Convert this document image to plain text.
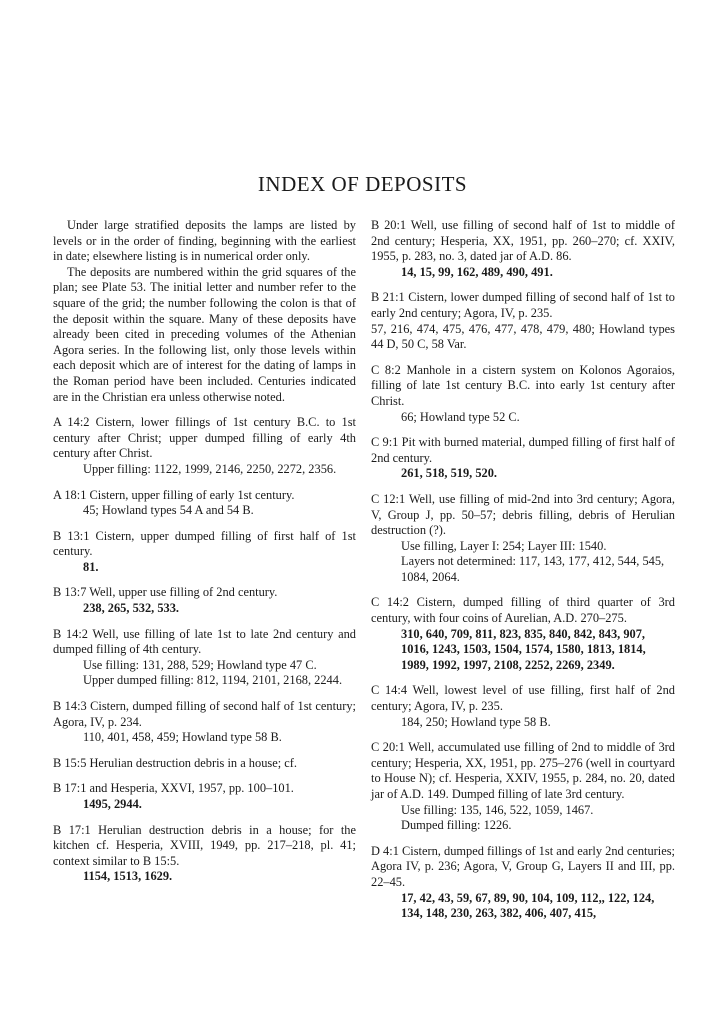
INDEX OF DEPOSITS

Under large stratified deposits the lamps are listed by levels or in the order of finding, beginning with the earliest in date; elsewhere listing is in numerical order only.

The deposits are numbered within the grid squares of the plan; see Plate 53. The initial letter and number refer to the square of the grid; the number following the colon is that of the deposit within the square. Many of these deposits have already been cited in preceding volumes of the Athenian Agora series. In the following list, only those levels within each deposit which are of interest for the dating of lamps in the Roman period have been included. Centuries indicated are in the Christian era unless otherwise noted.

A 14:2 Cistern, lower fillings of 1st century B.C. to 1st century after Christ; upper dumped filling of early 4th century after Christ.

Upper filling: 1122, 1999, 2146, 2250, 2272, 2356.

A 18:1 Cistern, upper filling of early 1st century.

45; Howland types 54 A and 54 B.

B 13:1 Cistern, upper dumped filling of first half of 1st century.

81.

B 13:7 Well, upper use filling of 2nd century.

238, 265, 532, 533.

B 14:2 Well, use filling of late 1st to late 2nd century and dumped filling of 4th century.

Use filling: 131, 288, 529; Howland type 47 C.

Upper dumped filling: 812, 1194, 2101, 2168, 2244.

B 14:3 Cistern, dumped filling of second half of 1st century; Agora, IV, p. 234.

110, 401, 458, 459; Howland type 58 B.

B 15:5 Herulian destruction debris in a house; cf.

B 17:1 and Hesperia, XXVI, 1957, pp. 100–101.

1495, 2944.

B 17:1 Herulian destruction debris in a house; for the kitchen cf. Hesperia, XVIII, 1949, pp. 217–218, pl. 41; context similar to B 15:5.

1154, 1513, 1629.

B 20:1 Well, use filling of second half of 1st to middle of 2nd century; Hesperia, XX, 1951, pp. 260–270; cf. XXIV, 1955, p. 283, no. 3, dated jar of A.D. 86.

14, 15, 99, 162, 489, 490, 491.

B 21:1 Cistern, lower dumped filling of second half of 1st to early 2nd century; Agora, IV, p. 235.

57, 216, 474, 475, 476, 477, 478, 479, 480; Howland types 44 D, 50 C, 58 Var.

C 8:2 Manhole in a cistern system on Kolonos Agoraios, filling of late 1st century B.C. into early 1st century after Christ.

66; Howland type 52 C.

C 9:1 Pit with burned material, dumped filling of first half of 2nd century.

261, 518, 519, 520.

C 12:1 Well, use filling of mid-2nd into 3rd century; Agora, V, Group J, pp. 50–57; debris filling, debris of Herulian destruction (?).

Use filling, Layer I: 254; Layer III: 1540.

Layers not determined: 117, 143, 177, 412, 544, 545, 1084, 2064.

C 14:2 Cistern, dumped filling of third quarter of 3rd century, with four coins of Aurelian, A.D. 270–275.

310, 640, 709, 811, 823, 835, 840, 842, 843, 907, 1016, 1243, 1503, 1504, 1574, 1580, 1813, 1814, 1989, 1992, 1997, 2108, 2252, 2269, 2349.

C 14:4 Well, lowest level of use filling, first half of 2nd century; Agora, IV, p. 235.

184, 250; Howland type 58 B.

C 20:1 Well, accumulated use filling of 2nd to middle of 3rd century; Hesperia, XX, 1951, pp. 275–276 (well in courtyard to House N); cf. Hesperia, XXIV, 1955, p. 284, no. 20, dated jar of A.D. 149. Dumped filling of late 3rd century.

Use filling: 135, 146, 522, 1059, 1467.

Dumped filling: 1226.

D 4:1 Cistern, dumped fillings of 1st and early 2nd centuries; Agora IV, p. 236; Agora, V, Group G, Layers II and III, pp. 22–45.

17, 42, 43, 59, 67, 89, 90, 104, 109, 112,, 122, 124, 134, 148, 230, 263, 382, 406, 407, 415,
